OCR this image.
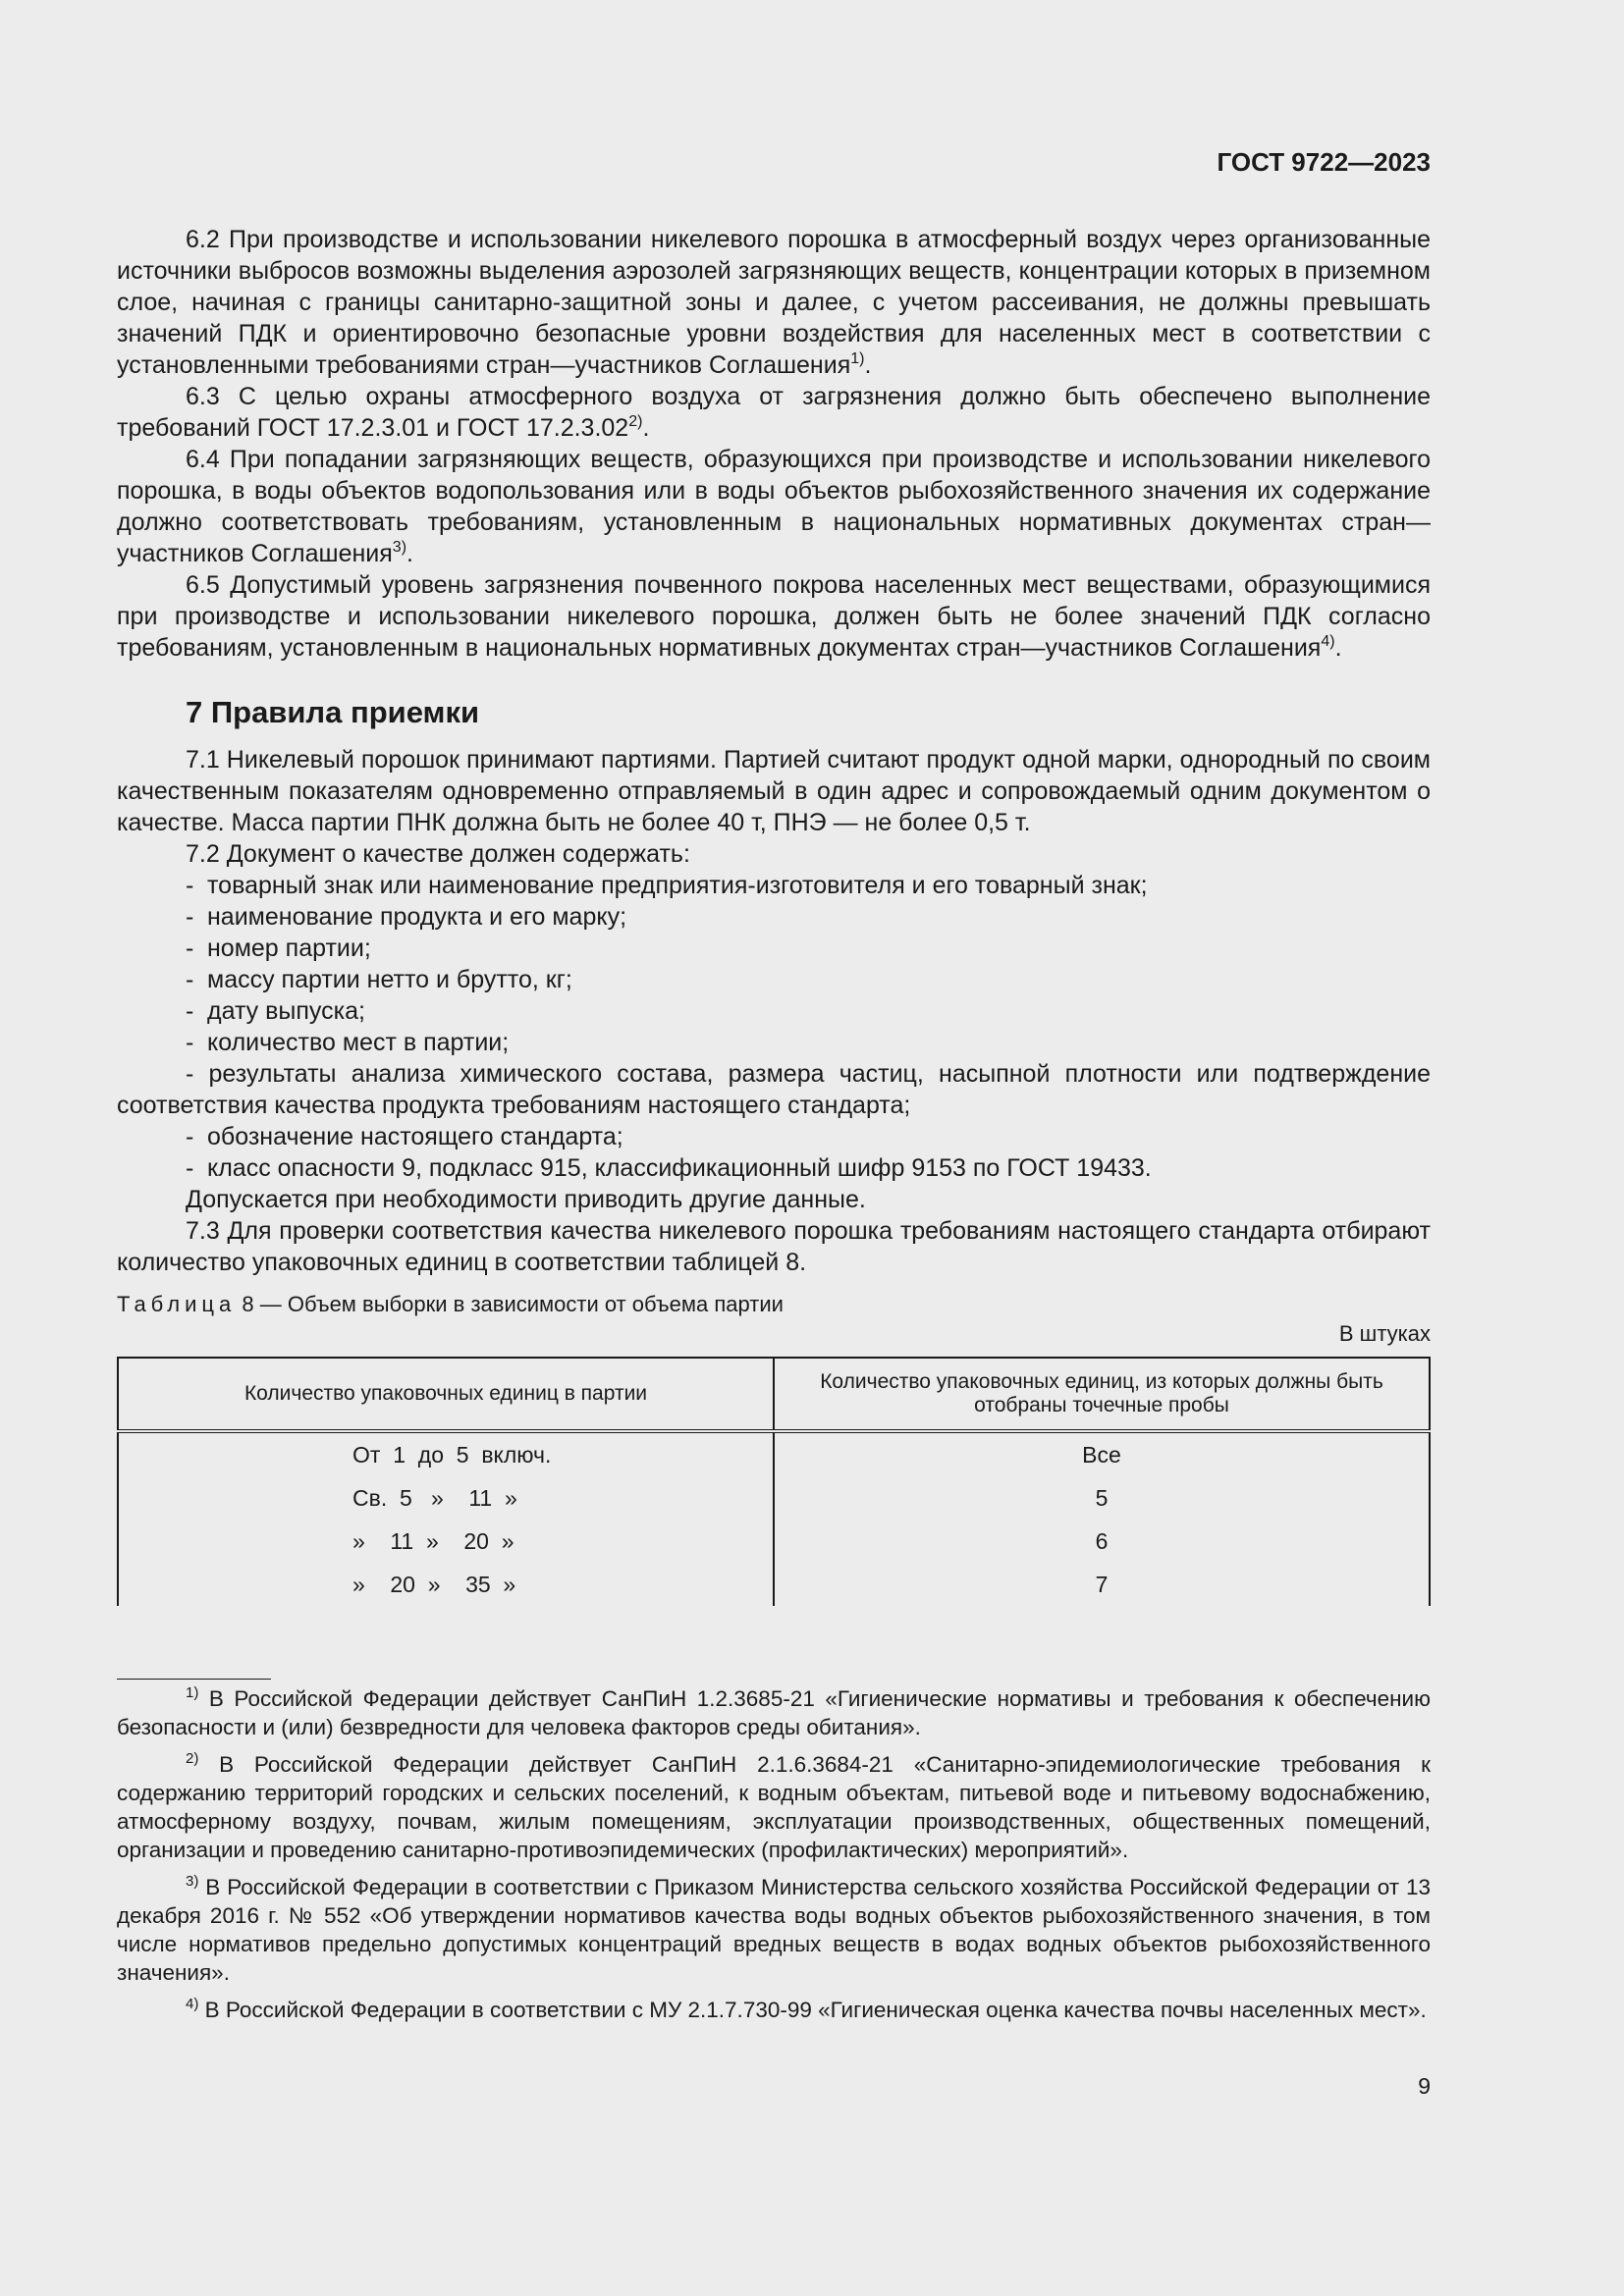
ГОСТ 9722—2023

6.2 При производстве и использовании никелевого порошка в атмосферный воздух через организованные источники выбросов возможны выделения аэрозолей загрязняющих веществ, концентрации которых в приземном слое, начиная с границы санитарно-защитной зоны и далее, с учетом рассеивания, не должны превышать значений ПДК и ориентировочно безопасные уровни воздействия для населенных мест в соответствии с установленными требованиями стран—участников Соглашения$^{1)}$.

6.3 С целью охраны атмосферного воздуха от загрязнения должно быть обеспечено выполнение требований ГОСТ 17.2.3.01 и ГОСТ 17.2.3.02$^{2)}$.

6.4 При попадании загрязняющих веществ, образующихся при производстве и использовании никелевого порошка, в воды объектов водопользования или в воды объектов рыбохозяйственного значения их содержание должно соответствовать требованиям, установленным в национальных нормативных документах стран—участников Соглашения$^{3)}$.

6.5 Допустимый уровень загрязнения почвенного покрова населенных мест веществами, образующимися при производстве и использовании никелевого порошка, должен быть не более значений ПДК согласно требованиям, установленным в национальных нормативных документах стран—участников Соглашения$^{4)}$.

7 Правила приемки

7.1 Никелевый порошок принимают партиями. Партией считают продукт одной марки, однородный по своим качественным показателям одновременно отправляемый в один адрес и сопровождаемый одним документом о качестве. Масса партии ПНК должна быть не более 40 т, ПНЭ — не более 0,5 т.

7.2 Документ о качестве должен содержать:

- товарный знак или наименование предприятия-изготовителя и его товарный знак;
- наименование продукта и его марку;
- номер партии;
- массу партии нетто и брутто, кг;
- дату выпуска;
- количество мест в партии;

- результаты анализа химического состава, размера частиц, насыпной плотности или подтверждение соответствия качества продукта требованиям настоящего стандарта;

- обозначение настоящего стандарта;
- класс опасности 9, подкласс 915, классификационный шифр 9153 по ГОСТ 19433.

Допускается при необходимости приводить другие данные.

7.3 Для проверки соответствия качества никелевого порошка требованиям настоящего стандарта отбирают количество упаковочных единиц в соответствии таблицей 8.

Таблица 8 — Объем выборки в зависимости от объема партии
В штуках
Количество упаковочных единиц в партии	Количество упаковочных единиц, из которых должны быть отобраны точечные пробы
От  1  до  5  включ.	Все
Св.  5   »    11  »	5
»    11  »    20  »	6
»    20  »    35  »	7

$^{1)}$ В Российской Федерации действует СанПиН 1.2.3685-21 «Гигиенические нормативы и требования к обеспечению безопасности и (или) безвредности для человека факторов среды обитания».

$^{2)}$ В Российской Федерации действует СанПиН 2.1.6.3684-21 «Санитарно-эпидемиологические требования к содержанию территорий городских и сельских поселений, к водным объектам, питьевой воде и питьевому водоснабжению, атмосферному воздуху, почвам, жилым помещениям, эксплуатации производственных, общественных помещений, организации и проведению санитарно-противоэпидемических (профилактических) мероприятий».

$^{3)}$ В Российской Федерации в соответствии с Приказом Министерства сельского хозяйства Российской Федерации от 13 декабря 2016 г. № 552 «Об утверждении нормативов качества воды водных объектов рыбохозяйственного значения, в том числе нормативов предельно допустимых концентраций вредных веществ в водах водных объектов рыбохозяйственного значения».

$^{4)}$ В Российской Федерации в соответствии с МУ 2.1.7.730-99 «Гигиеническая оценка качества почвы населенных мест».

9
